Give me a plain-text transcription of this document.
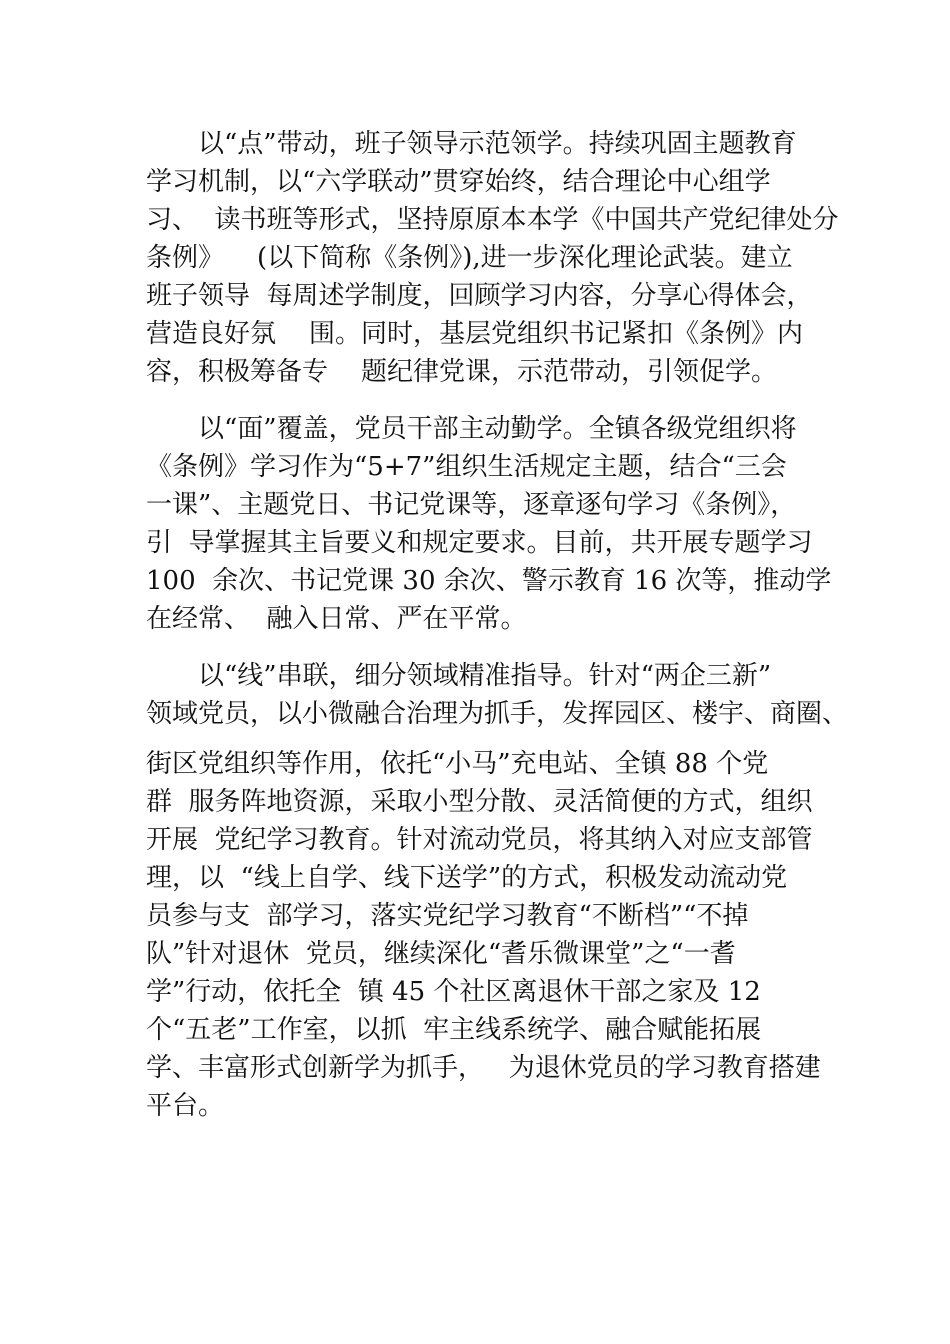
以“点”带动，班子领导示范领学。持续巩固主题教育
学习机制，以“六学联动”贯穿始终，结合理论中心组学
习、  读书班等形式，坚持原原本本学《中国共产党纪律处分
条例》    (以下简称《条例》),进一步深化理论武装。建立
班子领导  每周述学制度，回顾学习内容，分享心得体会，
营造良好氛    围。同时，基层党组织书记紧扣《条例》内
容，积极筹备专    题纪律党课，示范带动，引领促学。
以“面”覆盖，党员干部主动勤学。全镇各级党组织将
《条例》学习作为“5+7”组织生活规定主题，结合“三会
一课”、主题党日、书记党课等，逐章逐句学习《条例》，
引  导掌握其主旨要义和规定要求。目前，共开展专题学习
100  余次、书记党课 30 余次、警示教育 16 次等，推动学
在经常、  融入日常、严在平常。
以“线”串联，细分领域精准指导。针对“两企三新”
领域党员，以小微融合治理为抓手，发挥园区、楼宇、商圈、
街区党组织等作用，依托“小马”充电站、全镇 88 个党
群  服务阵地资源，采取小型分散、灵活简便的方式，组织
开展  党纪学习教育。针对流动党员，将其纳入对应支部管
理，以  “线上自学、线下送学”的方式，积极发动流动党
员参与支  部学习，落实党纪学习教育“不断档”“不掉
队”针对退休  党员，继续深化“耆乐微课堂”之“一耆
学”行动，依托全  镇 45 个社区离退休干部之家及 12
个“五老”工作室，以抓  牢主线系统学、融合赋能拓展
学、丰富形式创新学为抓手，   为退休党员的学习教育搭建
平台。
